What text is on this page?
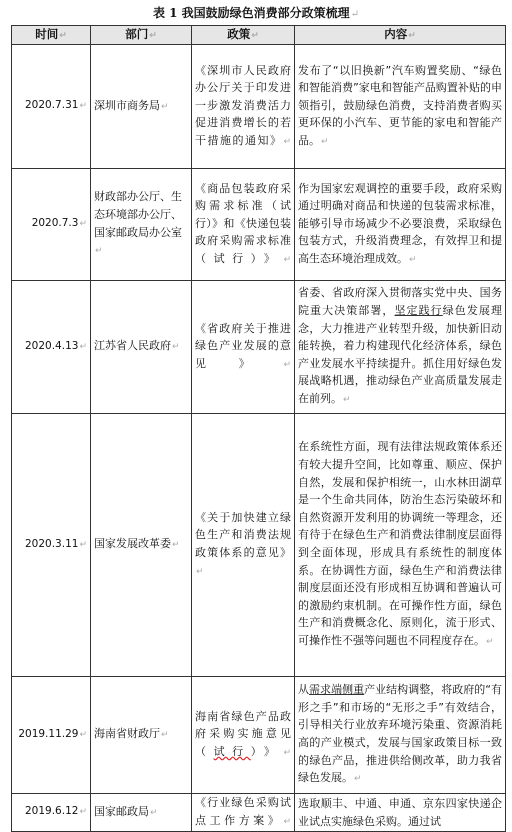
表 1 我国鼓励绿色消费部分政策梳理↵
时间↵	部门↵	政策↵	内容↵
2020.7.31↵	深圳市商务局↵	《深圳市人民政府办公厅关于印发进一步激发消费活力促进消费增长的若干措施的通知》↵	发布了“以旧换新”汽车购置奖励、“绿色和智能消费”家电和智能产品购置补贴的申领指引，鼓励绿色消费，支持消费者购买更环保的小汽车、更节能的家电和智能产品。↵
2020.7.3↵	财政部办公厅、生态环境部办公厅、国家邮政局办公室↵	《商品包装政府采购需求标准（试行）》和《快递包装政府采购需求标准（试行）》↵	作为国家宏观调控的重要手段，政府采购通过明确对商品和快递的包装需求标准，能够引导市场减少不必要浪费，采取绿色包装方式，升级消费理念，有效捍卫和提高生态环境治理成效。↵
2020.4.13↵	江苏省人民政府↵	《省政府关于推进绿色产业发展的意见》↵	省委、省政府深入贯彻落实党中央、国务院重大决策部署，坚定践行绿色发展理念，大力推进产业转型升级，加快新旧动能转换，着力构建现代化经济体系，绿色产业发展水平持续提升。抓住用好绿色发展战略机遇，推动绿色产业高质量发展走在前列。↵
2020.3.11↵	国家发展改革委↵	《关于加快建立绿色生产和消费法规政策体系的意见》↵	在系统性方面，现有法律法规政策体系还有较大提升空间，比如尊重、顺应、保护自然，发展和保护相统一，山水林田湖草是一个生命共同体，防治生态污染破坏和自然资源开发利用的协调统一等理念，还有待于在绿色生产和消费法律制度层面得到全面体现，形成具有系统性的制度体系。在协调性方面，绿色生产和消费法律制度层面还没有形成相互协调和普遍认可的激励约束机制。在可操作性方面，绿色生产和消费概念化、原则化，流于形式、可操作性不强等问题也不同程度存在。↵
2019.11.29↵	海南省财政厅↵	海南省绿色产品政府采购实施意见（试行）》↵	从需求端侧重产业结构调整，将政府的“有形之手”和市场的“无形之手”有效结合，引导相关行业放弃环境污染重、资源消耗高的产业模式，发展与国家政策目标一致的绿色产品，推进供给侧改革，助力我省绿色发展。↵
2019.6.12↵	国家邮政局↵	《行业绿色采购试点工作方案》↵	选取顺丰、中通、申通、京东四家快递企业试点实施绿色采购。通过试
